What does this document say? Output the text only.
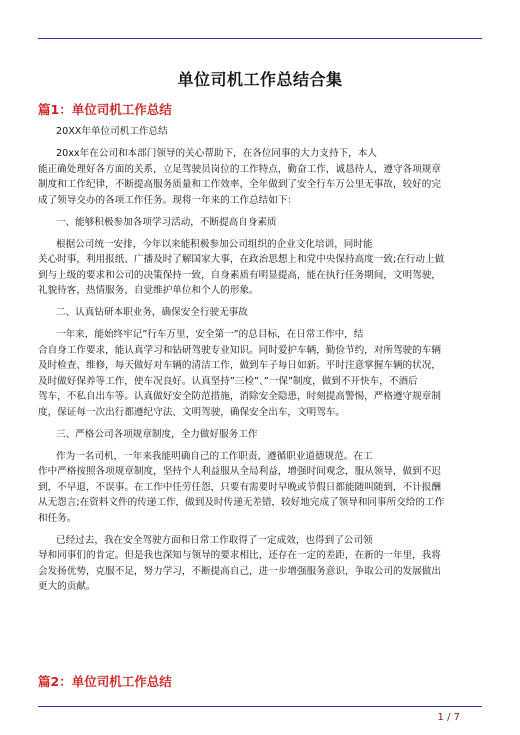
单位司机工作总结合集
篇1：单位司机工作总结
20XX年单位司机工作总结
20xx年在公司和本部门领导的关心帮助下，在各位同事的大力支持下，本人
能正确处理好各方面的关系，立足驾驶员岗位的工作特点，勤奋工作，诚恳待人，遵守各项规章
制度和工作纪律，不断提高服务质量和工作效率，全年做到了安全行车万公里无事故，较好的完
成了领导交办的各项工作任务。现将一年来的工作总结如下：
一、能够积极参加各项学习活动，不断提高自身素质
根据公司统一安排，今年以来能积极参加公司组织的企业文化培训，同时能
关心时事，利用报纸、广播及时了解国家大事，在政治思想上和党中央保持高度一致;在行动上做
到与上级的要求和公司的决策保持一致，自身素质有明显提高，能在执行任务期间，文明驾驶，
礼貌待客，热情服务，自觉维护单位和个人的形象。
二、认真钻研本职业务，确保安全行驶无事故
一年来，能始终牢记”行车万里，安全第一”的总目标，在日常工作中，结
合自身工作要求，能认真学习和钻研驾驶专业知识。同时爱护车辆，勤俭节约，对所驾驶的车辆
及时检查、维修，每天做好对车辆的清洁工作，做到车子每日如新。平时注意掌握车辆的状况，
及时做好保养等工作，使车况良好。认真坚持”三检”、”一保”制度，做到不开快车，不酒后
驾车，不私自出车等。认真做好安全防范措施，消除安全隐患，时刻提高警惕，严格遵守规章制
度，保证每一次出行都遵纪守法、文明驾驶，确保安全出车，文明驾车。
三、严格公司各项规章制度，全力做好服务工作
作为一名司机，一年来我能明确自己的工作职责，遵循职业道德规范。在工
作中严格按照各项规章制度，坚持个人利益服从全局利益，增强时间观念，服从领导，做到不迟
到，不早退，不误事。在工作中任劳任怨，只要有需要时早晚或节假日都能随叫随到，不计报酬
从无怨言;在资料文件的传递工作，做到及时传递无差错，较好地完成了领导和同事所交给的工作
和任务。
已经过去，我在安全驾驶方面和日常工作取得了一定成效，也得到了公司领
导和同事们的肯定。但是我也深知与领导的要求相比，还存在一定的差距，在新的一年里，我将
会发扬优势，克服不足，努力学习，不断提高自己，进一步增强服务意识，争取公司的发展做出
更大的贡献。
篇2：单位司机工作总结
1 / 7
